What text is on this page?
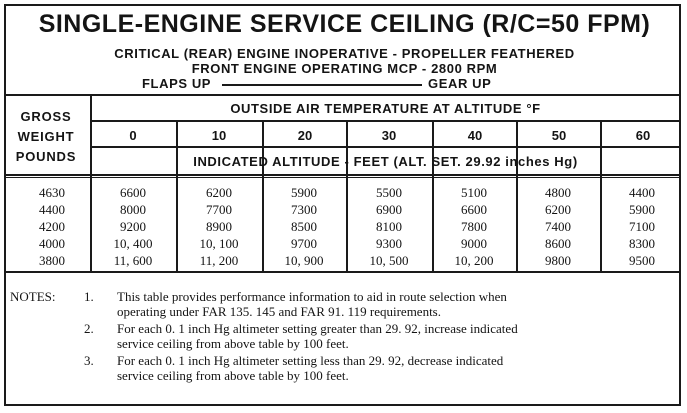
SINGLE-ENGINE SERVICE CEILING (R/C=50 FPM)
CRITICAL (REAR) ENGINE INOPERATIVE - PROPELLER FEATHERED
FRONT ENGINE OPERATING MCP - 2800 RPM
FLAPS UP	GEAR UP
GROSS
WEIGHT
POUNDS
OUTSIDE AIR TEMPERATURE AT ALTITUDE °F
0	10	20	30	40	50	60
INDICATED ALTITUDE - FEET (ALT. SET. 29.92 inches Hg)
4630	6600	6200	5900	5500	5100	4800	4400
4400	8000	7700	7300	6900	6600	6200	5900
4200	9200	8900	8500	8100	7800	7400	7100
4000	10, 400	10, 100	9700	9300	9000	8600	8300
3800	11, 600	11, 200	10, 900	10, 500	10, 200	9800	9500
NOTES: 1. This table provides performance information to aid in route selection when
operating under FAR 135. 145 and FAR 91. 119 requirements.
2. For each 0. 1 inch Hg altimeter setting greater than 29. 92, increase indicated
service ceiling from above table by 100 feet.
3. For each 0. 1 inch Hg altimeter setting less than 29. 92, decrease indicated
service ceiling from above table by 100 feet.
